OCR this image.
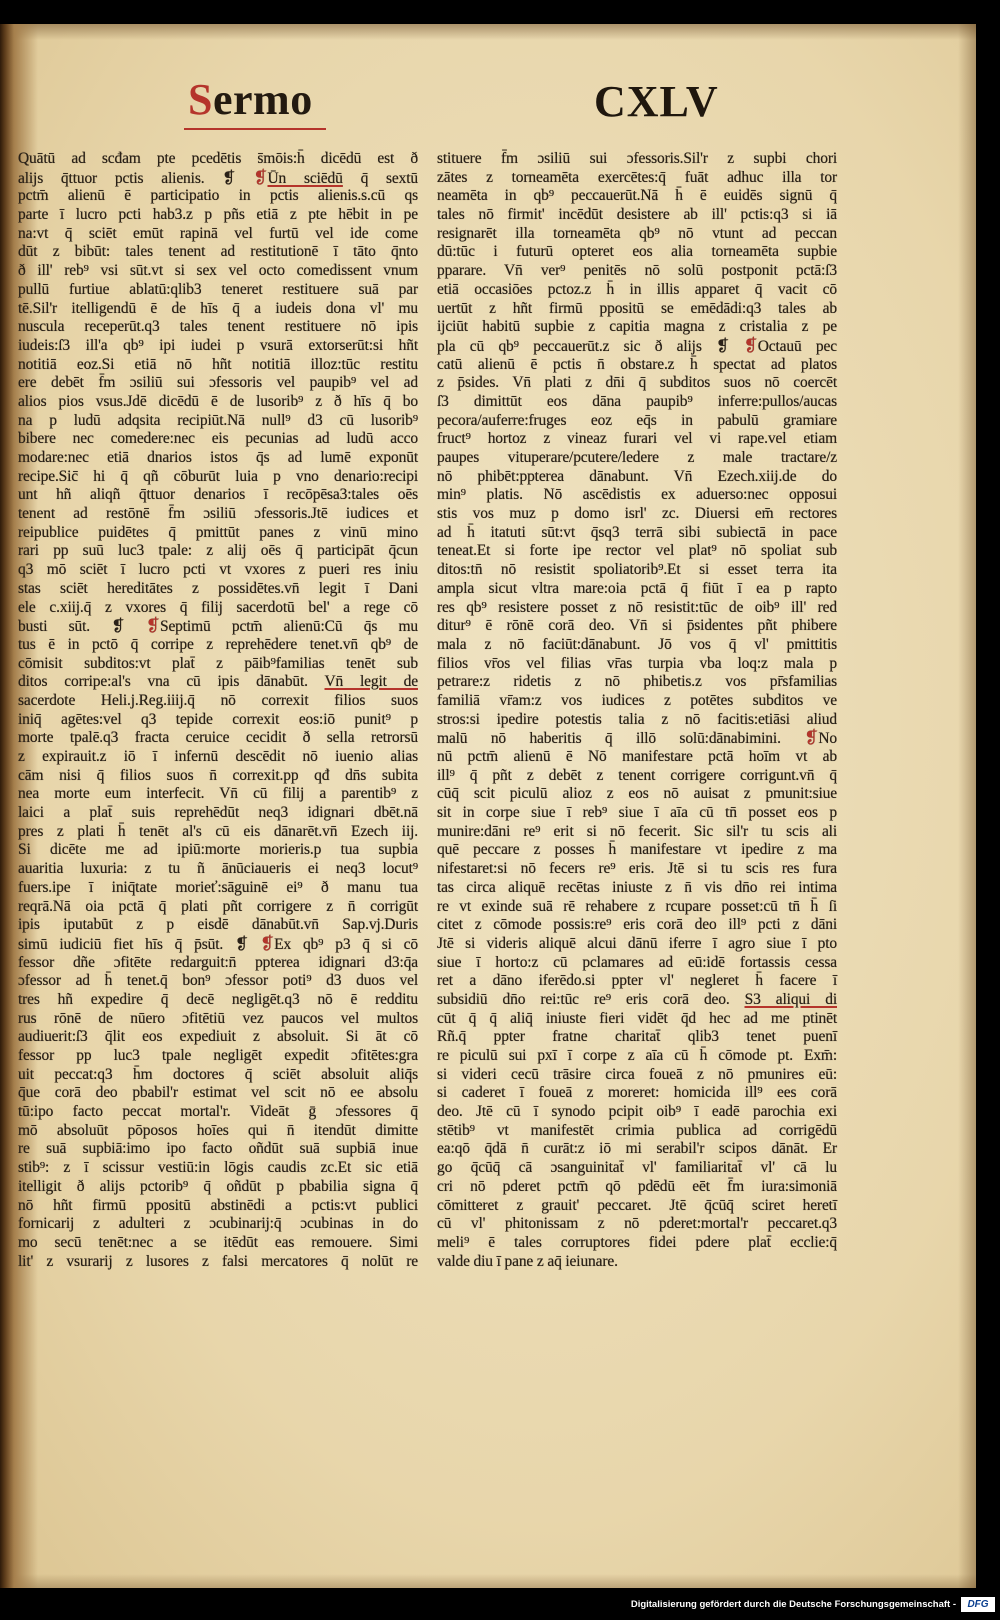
Sermo	CXLV
Quātū ad scđam pte pcedētis s̄mōis:h̄ dicēdū est ð
alijs q̄ttuor pctis alienis. ❡ ❡Ūn sciēdū q̄ sextū
pctm̄ alienū ē participatio in pctis alienis.s.cū qs
parte ī lucro pcti hab3.z p pñs etiā z pte hēbit in pe
na:vt q̄ sciēt emūt rapinā vel furtū vel ide come
dūt z bibūt: tales tenent ad restitutionē ī tāto q̄nto
ð ill' reb⁹ vsi sūt.vt si sex vel octo comedissent vnum
pullū furtiue ablatū:qlib3 teneret restituere suā par
tē.Sil'r itelligendū ē de hīs q̄ a iudeis dona vl' mu
nuscula receperūt.q3 tales tenent restituere nō ipis
iudeis:ſ3 ill'a qb⁹ ipi iudei p vsurā extorserūt:si hñt
notitiā eoz.Si etiā nō hñt notitiā illoz:tūc restitu
ere debēt f̄m ɔsiliū sui ɔfessoris vel paupib⁹ vel ad
alios pios vsus.Jdē dicēdū ē de lusorib⁹ z ð hīs q̄ bo
na p ludū adqsita recipiūt.Nā null⁹ d3 cū lusorib⁹
bibere nec comedere:nec eis pecunias ad ludū acco
modare:nec etiā dnarios istos q̄s ad lumē exponūt
recipe.Sic̄ hi q̄ qñ cōburūt luia p vno denario:recipi
unt hñ aliqñ q̄ttuor denarios ī recōpēsa3:tales oēs
tenent ad restōnē f̄m ɔsiliū ɔfessoris.Jtē iudices et
reipublice puidētes q̄ pmittūt panes z vinū mino
rari pp suū luc3 tpale: z alij oēs q̄ participāt q̄cun
q3 mō sciēt ī lucro pcti vt vxores z pueri res iniu
stas sciēt hereditātes z possidētes.vn̄ legit ī Dani
ele c.xiij.q̄ z vxores q̄ filij sacerdotū bel' a rege cō
busti sūt. ❡ ❡Septimū pctm̄ alienū:Cū q̄s mu
tus ē in pctō q̄ corripe z reprehēdere tenet.vn̄ qb⁹ de
cōmisit subditos:vt plat̄ z pāib⁹familias tenēt sub
ditos corripe:al's vna cū ipis dānabūt. Vn̄ legit de
sacerdote Heli.j.Reg.iiij.q̄ nō correxit filios suos
iniq̄ agētes:vel q3 tepide correxit eos:iō punit⁹ p
morte tpalē.q3 fracta ceruice cecidit ð sella retrorsū
z expirauit.z iō ī infernū descēdit nō iuenio alias
cām nisi q̄ filios suos n̄ correxit.pp qđ dn̄s subita
nea morte eum interfecit. Vn̄ cū filij a parentib⁹ z
laici a plat̄ suis reprehēdūt neq3 idignari dbēt.nā
pres z plati h̄ tenēt al's cū eis dānarēt.vn̄ Ezech iij.
Si dicēte me ad ipiū:morte morieris.p tua supbia
auaritia luxuria: z tu ñ ānūciaueris ei neq3 locut⁹
fuers.ipe ī iniq̄tate morieť:sāguinē ei⁹ ð manu tua
reqrā.Nā oia pctā q̄ plati pñt corrigere z n̄ corrigūt
ipis iputabūt z p eisdē dānabūt.vn̄ Sap.vj.Duris
simū iudiciū fiet hīs q̄ p̄sūt. ❡ ❡Ex qb⁹ p3 q̄ si cō
fessor dñe ɔfitēte redarguit:n̄ ppterea idignari d3:q̄a
ɔfessor ad h̄ tenet.q̄ bon⁹ ɔfessor poti⁹ d3 duos vel
tres hñ expedire q̄ decē negligēt.q3 nō ē redditu
rus rōnē de nūero ɔfitētiū vez paucos vel multos
audiuerit:ſ3 q̄lit eos expediuit z absoluit. Si āt cō
fessor pp luc3 tpale negligēt expedit ɔfitētes:gra
uit peccat:q3 h̄m doctores q̄ sciēt absoluit aliq̄s
q̄ue corā deo pbabil'r estimat vel scit nō ee absolu
tū:ipo facto peccat mortal'r. Videāt ḡ ɔfessores q̄
mō absoluūt pōposos hoīes qui n̄ itendūt dimitte
re suā supbiā:imo ipo facto oñdūt suā supbiā inue
stib⁹: z ī scissur vestiū:in lōgis caudis zc.Et sic etiā
itelligit ð alijs pctorib⁹ q̄ oñdūt p pbabilia signa q̄
nō hñt firmū ppositū abstinēdi a pctis:vt publici
fornicarij z adulteri z ɔcubinarij:q̄ ɔcubinas in do
mo secū tenēt:nec a se itēdūt eas remouere. Simi
lit' z vsurarij z lusores z falsi mercatores q̄ nolūt re
stituere f̄m ɔsiliū sui ɔfessoris.Sil'r z supbi chori
zātes z torneamēta exercētes:q̄ fuāt adhuc illa tor
neamēta in qb⁹ peccauerūt.Nā h̄ ē euidēs signū q̄
tales nō firmit' incēdūt desistere ab ill' pctis:q3 si iā
resignarēt illa torneamēta qb⁹ nō vtunt ad peccan
dū:tūc i futurū opteret eos alia torneamēta supbie
pparare. Vn̄ ver⁹ penitēs nō solū postponit pctā:ſ3
etiā occasiōes pctoz.z h̄ in illis apparet q̄ vacit cō
uertūt z hñt firmū ppositū se emēdādi:q3 tales ab
ijciūt habitū supbie z capitia magna z cristalia z pe
pla cū qb⁹ peccauerūt.z sic ð alijs ❡ ❡Octauū pec
catū alienū ē pctis n̄ obstare.z h̄ spectat ad platos
z p̄sides. Vn̄ plati z dn̄i q̄ subditos suos nō coercēt
ſ3 dimittūt eos dāna paupib⁹ inferre:pullos/aucas
pecora/auferre:fruges eoz eq̄s in pabulū gramiare
fruct⁹ hortoz z vineaz furari vel vi rape.vel etiam
paupes vituperare/pcutere/ledere z male tractare/z
nō phibēt:ppterea dānabunt. Vn̄ Ezech.xiij.de do
min⁹ platis. Nō ascēdistis ex aduerso:nec opposui
stis vos muz p domo isrl' zc. Diuersi em̄ rectores
ad h̄ itatuti sūt:vt q̄sq3 terrā sibi subiectā in pace
teneat.Et si forte ipe rector vel plat⁹ nō spoliat sub
ditos:tn̄ nō resistit spoliatorib⁹.Et si esset terra ita
ampla sicut vltra mare:oia pctā q̄ fiūt ī ea p rapto
res qb⁹ resistere posset z nō resistit:tūc de oib⁹ ill' red
ditur⁹ ē rōnē corā deo. Vn̄ si p̄sidentes pñt phibere
mala z nō faciūt:dānabunt. Jō vos q̄ vl' pmittitis
filios vr̄os vel filias vr̄as turpia vba loq:z mala p
petrare:z ridetis z nō phibetis.z vos pr̄sfamilias
familiā vr̄am:z vos iudices z potētes subditos ve
stros:si ipedire potestis talia z nō facitis:etiāsi aliud
malū nō haberitis q̄ illō solū:dānabimini. ❡No
nū pctm̄ alienū ē Nō manifestare pctā hoīm vt ab
ill⁹ q̄ pñt z debēt z tenent corrigere corrigunt.vn̄ q̄
cūq̄ scit piculū alioz z eos nō auisat z pmunit:siue
sit in corpe siue ī reb⁹ siue ī aīa cū tn̄ posset eos p
munire:dāni re⁹ erit si nō fecerit. Sic sil'r tu scis ali
quē peccare z posses h̄ manifestare vt ipedire z ma
nifestaret:si nō fecers re⁹ eris. Jtē si tu scis res fura
tas circa aliquē recētas iniuste z n̄ vis dn̄o rei intima
re vt exinde suā rē rehabere z rcupare posset:cū tn̄ h̄ ſi
citet z cōmode possis:re⁹ eris corā deo ill⁹ pcti z dāni
Jtē si videris aliquē alcui dānū iferre ī agro siue ī pto
siue ī horto:z cū pclamares ad eū:idē fortassis cessa
ret a dāno iferēdo.si ppter vl' negleret h̄ facere ī
subsidiū dn̄o rei:tūc re⁹ eris corā deo. S3 aliqui di
cūt q̄ q̄ aliq̄ iniuste fieri vidēt q̄d hec ad me ptinēt
Rñ.q̄ ppter fratne charitat̄ qlib3 tenet puenī
re piculū sui pxī ī corpe z aīa cū h̄ cōmode pt. Exm̄:
si videri cecū trāsire circa foueā z nō pmunires eū:
si caderet ī foueā z moreret: homicida ill⁹ ees corā
deo. Jtē cū ī synodo pcipit oib⁹ ī eadē parochia exi
stētib⁹ vt manifestēt crimia publica ad corrigēdū
ea:qō q̄dā n̄ curāt:z iō mi serabil'r scipos dānāt. Er
go q̄cūq̄ cā ɔsanguinitat̄ vl' familiaritat̄ vl' cā lu
cri nō pderet pctm̄ qō pdēdū eēt f̄m iura:simoniā
cōmitteret z grauit' peccaret. Jtē q̄cūq̄ sciret heretī
cū vl' phitonissam z nō pderet:mortal'r peccaret.q3
meli⁹ ē tales corruptores fidei pdere plat̄ ecclie:q̄
valde diu ī pane z aq̄ ieiunare.
Digitalisierung gefördert durch die Deutsche Forschungsgemeinschaft -	DFG
